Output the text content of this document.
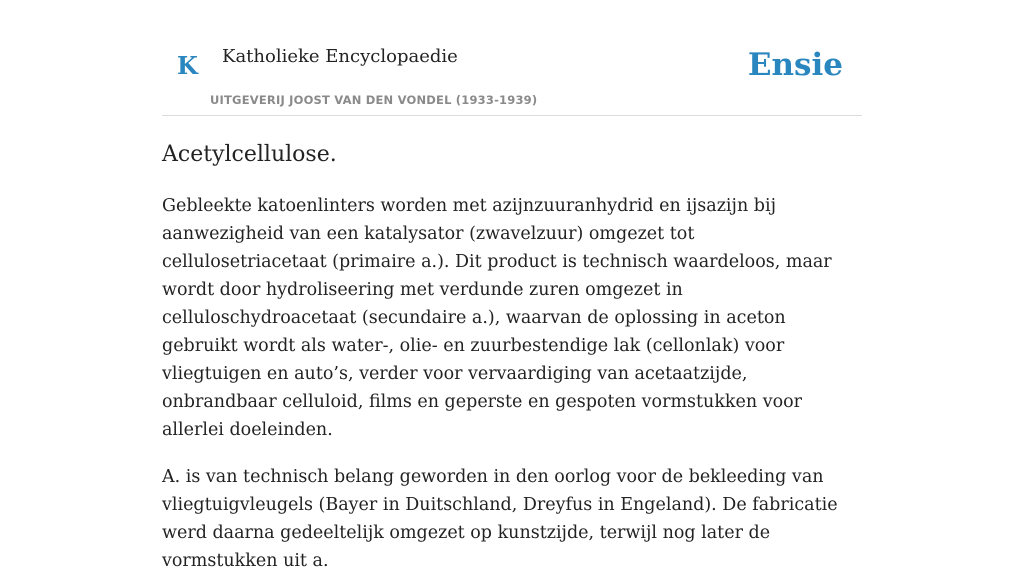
K Katholieke Encyclopaedie
UITGEVERIJ JOOST VAN DEN VONDEL (1933-1939)
Ensie
Acetylcellulose.

Gebleekte katoenlinters worden met azijnzuuranhydrid en ijsazijn bij aanwezigheid van een katalysator (zwavelzuur) omgezet tot cellulosetriacetaat (primaire a.). Dit product is technisch waardeloos, maar wordt door hydroliseering met verdunde zuren omgezet in celluloschydroacetaat (secundaire a.), waarvan de oplossing in aceton gebruikt wordt als water-, olie- en zuurbestendige lak (cellonlak) voor vliegtuigen en auto’s, verder voor vervaardiging van acetaatzijde, onbrandbaar celluloid, films en geperste en gespoten vormstukken voor allerlei doeleinden.

A. is van technisch belang geworden in den oorlog voor de bekleeding van vliegtuigvleugels (Bayer in Duitschland, Dreyfus in Engeland). De fabricatie werd daarna gedeeltelijk omgezet op kunstzijde, terwijl nog later de vormstukken uit a.
